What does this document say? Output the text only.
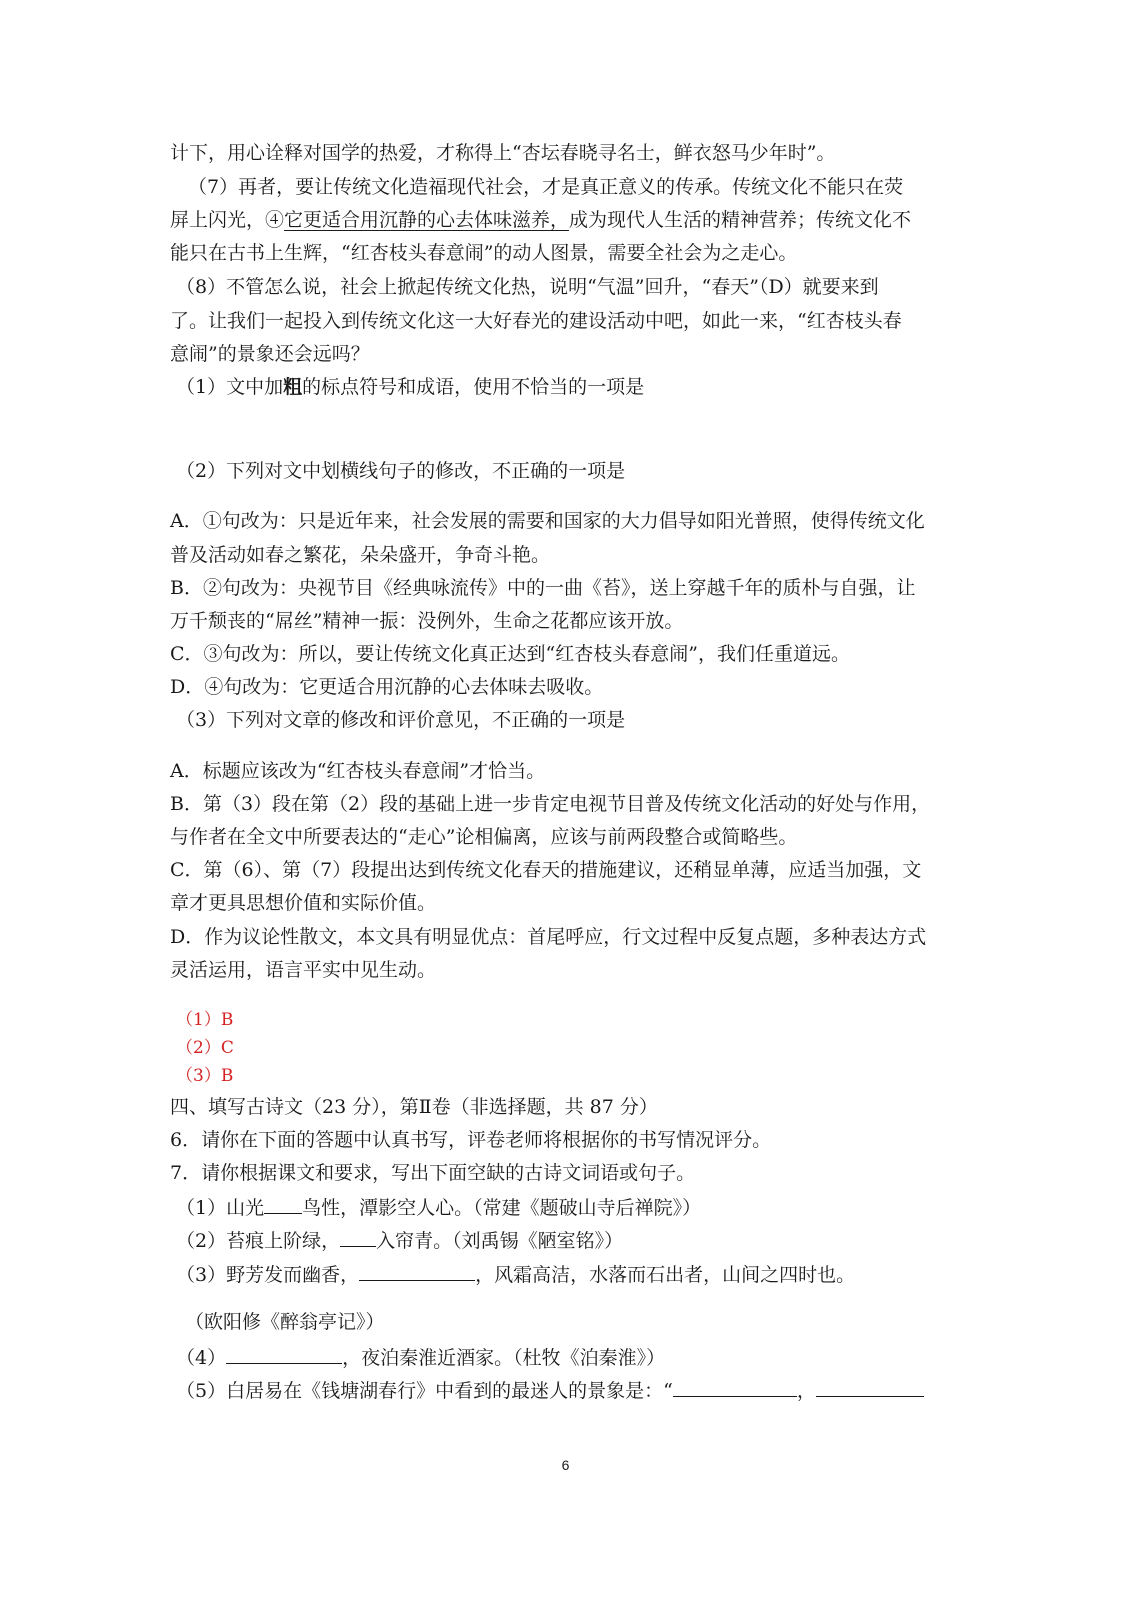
计下，用心诠释对国学的热爱，才称得上“杏坛春晓寻名士，鲜衣怒马少年时”。

（7）再者，要让传统文化造福现代社会，才是真正意义的传承。传统文化不能只在荧

屏上闪光，④它更适合用沉静的心去体味滋养，成为现代人生活的精神营养；传统文化不

能只在古书上生辉，“红杏枝头春意闹”的动人图景，需要全社会为之走心。

（8）不管怎么说，社会上掀起传统文化热，说明“气温”回升，“春天”（D）就要来到

了。让我们一起投入到传统文化这一大好春光的建设活动中吧，如此一来，“红杏枝头春

意闹”的景象还会远吗？

（1）文中加粗的标点符号和成语，使用不恰当的一项是

（2）下列对文中划横线句子的修改，不正确的一项是

A．①句改为：只是近年来，社会发展的需要和国家的大力倡导如阳光普照，使得传统文化

普及活动如春之繁花，朵朵盛开，争奇斗艳。

B．②句改为：央视节目《经典咏流传》中的一曲《苔》，送上穿越千年的质朴与自强，让

万千颓丧的“屌丝”精神一振：没例外，生命之花都应该开放。

C．③句改为：所以，要让传统文化真正达到“红杏枝头春意闹”，我们任重道远。

D．④句改为：它更适合用沉静的心去体味去吸收。

（3）下列对文章的修改和评价意见，不正确的一项是

A．标题应该改为“红杏枝头春意闹”才恰当。

B．第（3）段在第（2）段的基础上进一步肯定电视节目普及传统文化活动的好处与作用，

与作者在全文中所要表达的“走心”论相偏离，应该与前两段整合或简略些。

C．第（6）、第（7）段提出达到传统文化春天的措施建议，还稍显单薄，应适当加强，文

章才更具思想价值和实际价值。

D．作为议论性散文，本文具有明显优点：首尾呼应，行文过程中反复点题，多种表达方式

灵活运用，语言平实中见生动。

（1）B

（2）C

（3）B

四、填写古诗文（23 分），第Ⅱ卷（非选择题，共 87 分）

6．请你在下面的答题中认真书写，评卷老师将根据你的书写情况评分。

7．请你根据课文和要求，写出下面空缺的古诗文词语或句子。

（1）山光 鸟性，潭影空人心。（常建《题破山寺后禅院》）

（2）苔痕上阶绿， 入帘青。（刘禹锡《陋室铭》）

（3）野芳发而幽香，	，风霜高洁，水落而石出者，山间之四时也。

（欧阳修《醉翁亭记》）

（4）	，夜泊秦淮近酒家。（杜牧《泊秦淮》）

（5）白居易在《钱塘湖春行》中看到的最迷人的景象是：“	，

6
